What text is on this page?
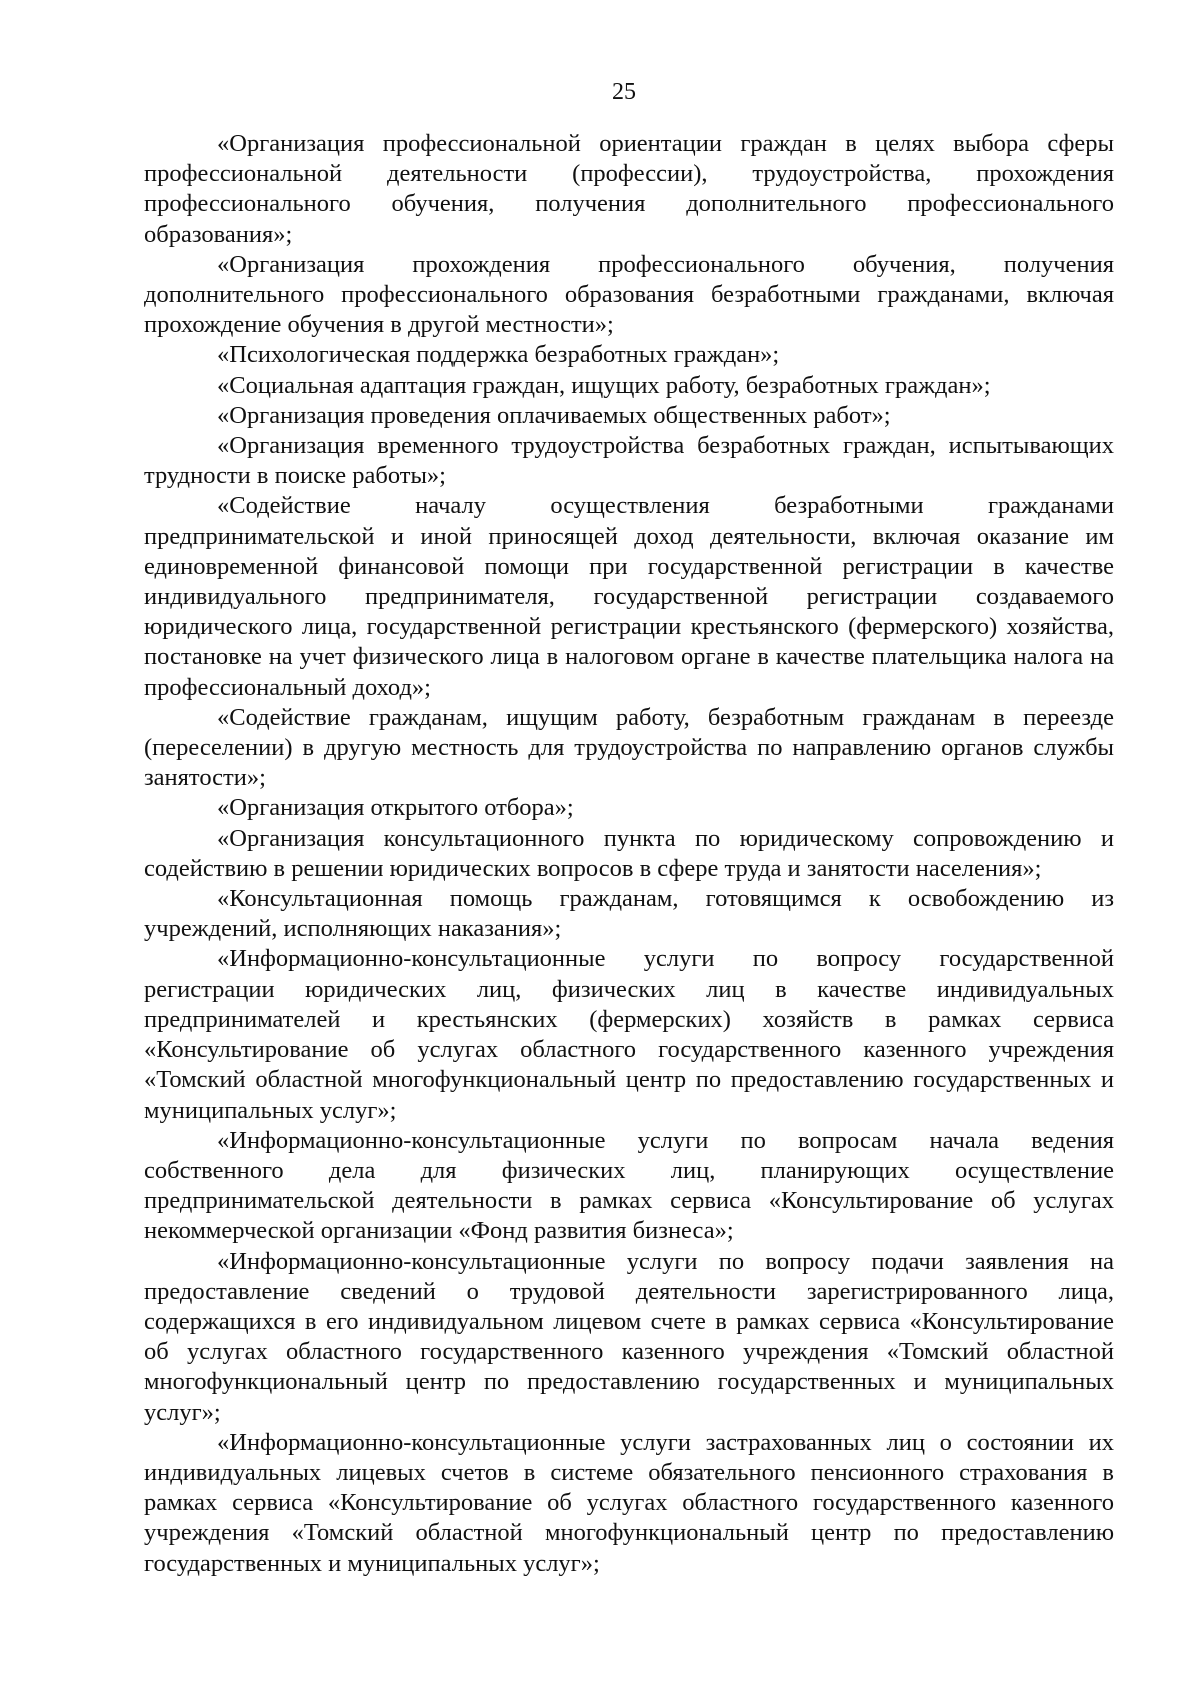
25

«Организация профессиональной ориентации граждан в целях выбора сферы профессиональной деятельности (профессии), трудоустройства, прохождения профессионального обучения, получения дополнительного профессионального образования»;

«Организация прохождения профессионального обучения, получения дополнительного профессионального образования безработными гражданами, включая прохождение обучения в другой местности»;

«Психологическая поддержка безработных граждан»;

«Социальная адаптация граждан, ищущих работу, безработных граждан»;

«Организация проведения оплачиваемых общественных работ»;

«Организация временного трудоустройства безработных граждан, испытывающих трудности в поиске работы»;

«Содействие началу осуществления безработными гражданами предпринимательской и иной приносящей доход деятельности, включая оказание им единовременной финансовой помощи при государственной регистрации в качестве индивидуального предпринимателя, государственной регистрации создаваемого юридического лица, государственной регистрации крестьянского (фермерского) хозяйства, постановке на учет физического лица в налоговом органе в качестве плательщика налога на профессиональный доход»;

«Содействие гражданам, ищущим работу, безработным гражданам в переезде (переселении) в другую местность для трудоустройства по направлению органов службы занятости»;

«Организация открытого отбора»;

«Организация консультационного пункта по юридическому сопровождению и содействию в решении юридических вопросов в сфере труда и занятости населения»;

«Консультационная помощь гражданам, готовящимся к освобождению из учреждений, исполняющих наказания»;

«Информационно-консультационные услуги по вопросу государственной регистрации юридических лиц, физических лиц в качестве индивидуальных предпринимателей и крестьянских (фермерских) хозяйств в рамках сервиса «Консультирование об услугах областного государственного казенного учреждения «Томский областной многофункциональный центр по предоставлению государственных и муниципальных услуг»;

«Информационно-консультационные услуги по вопросам начала ведения собственного дела для физических лиц, планирующих осуществление предпринимательской деятельности в рамках сервиса «Консультирование об услугах некоммерческой организации «Фонд развития бизнеса»;

«Информационно-консультационные услуги по вопросу подачи заявления на предоставление сведений о трудовой деятельности зарегистрированного лица, содержащихся в его индивидуальном лицевом счете в рамках сервиса «Консультирование об услугах областного государственного казенного учреждения «Томский областной многофункциональный центр по предоставлению государственных и муниципальных услуг»;

«Информационно-консультационные услуги застрахованных лиц о состоянии их индивидуальных лицевых счетов в системе обязательного пенсионного страхования в рамках сервиса «Консультирование об услугах областного государственного казенного учреждения «Томский областной многофункциональный центр по предоставлению государственных и муниципальных услуг»;
